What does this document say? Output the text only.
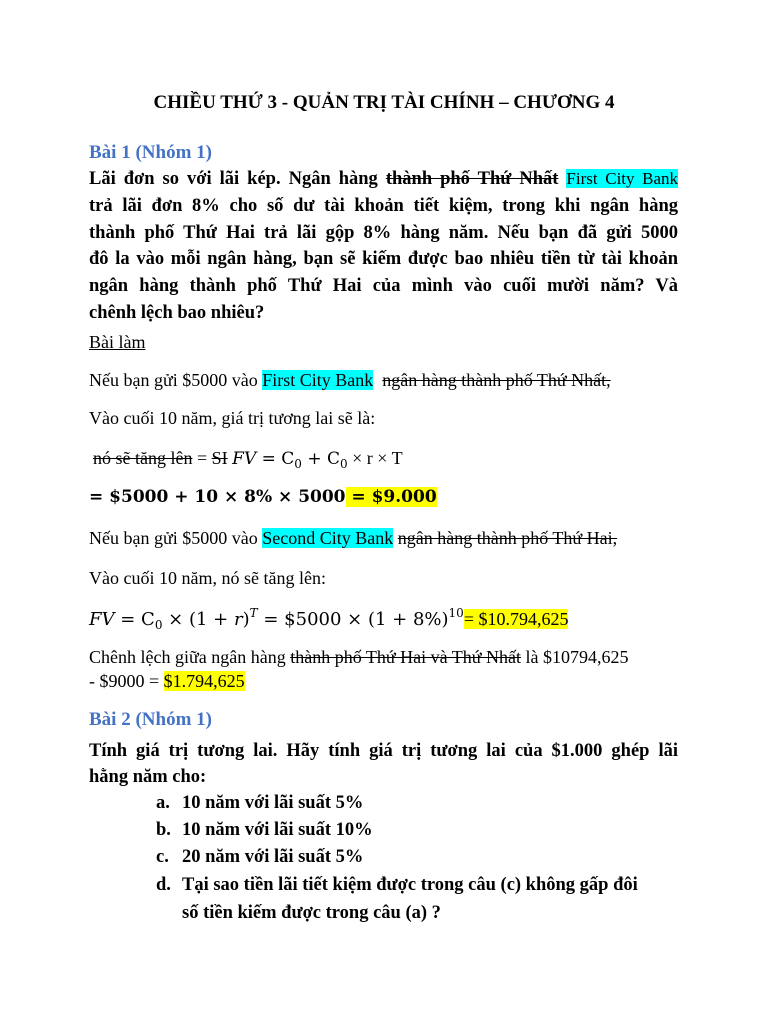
CHIỀU THỨ 3 - QUẢN TRỊ TÀI CHÍNH – CHƯƠNG 4
Bài 1 (Nhóm 1)
Lãi đơn so với lãi kép. Ngân hàng thành phố Thứ Nhất First City Bank
trả lãi đơn 8% cho số dư tài khoản tiết kiệm, trong khi ngân hàng
thành phố Thứ Hai trả lãi gộp 8% hàng năm. Nếu bạn đã gửi 5000
đô la vào mỗi ngân hàng, bạn sẽ kiếm được bao nhiêu tiền từ tài khoản
ngân hàng thành phố Thứ Hai của mình vào cuối mười năm? Và
chênh lệch bao nhiêu?
Bài làm
Nếu bạn gửi $5000 vào First City Bank ngân hàng thành phố Thứ Nhất,
Vào cuối 10 năm, giá trị tương lai sẽ là:
nó sẽ tăng lên = SI FV = $C_0 + C_0 \times r \times T$
= $5000 + 10 × 8% × 5000 = $9.000
Nếu bạn gửi $5000 vào Second City Bank ngân hàng thành phố Thứ Hai,
Vào cuối 10 năm, nó sẽ tăng lên:
FV = $C_0 \times (1 + r)^T$ = $5000 × $(1 + 8\%)^{10}=$ $10.794,625
Chênh lệch giữa ngân hàng thành phố Thứ Hai và Thứ Nhất là $10794,625
- $9000 = $1.794,625
Bài 2 (Nhóm 1)
Tính giá trị tương lai. Hãy tính giá trị tương lai của $1.000 ghép lãi
hằng năm cho:
a. 10 năm với lãi suất 5%
b. 10 năm với lãi suất 10%
c. 20 năm với lãi suất 5%
d. Tại sao tiền lãi tiết kiệm được trong câu (c) không gấp đôi
số tiền kiếm được trong câu (a) ?
